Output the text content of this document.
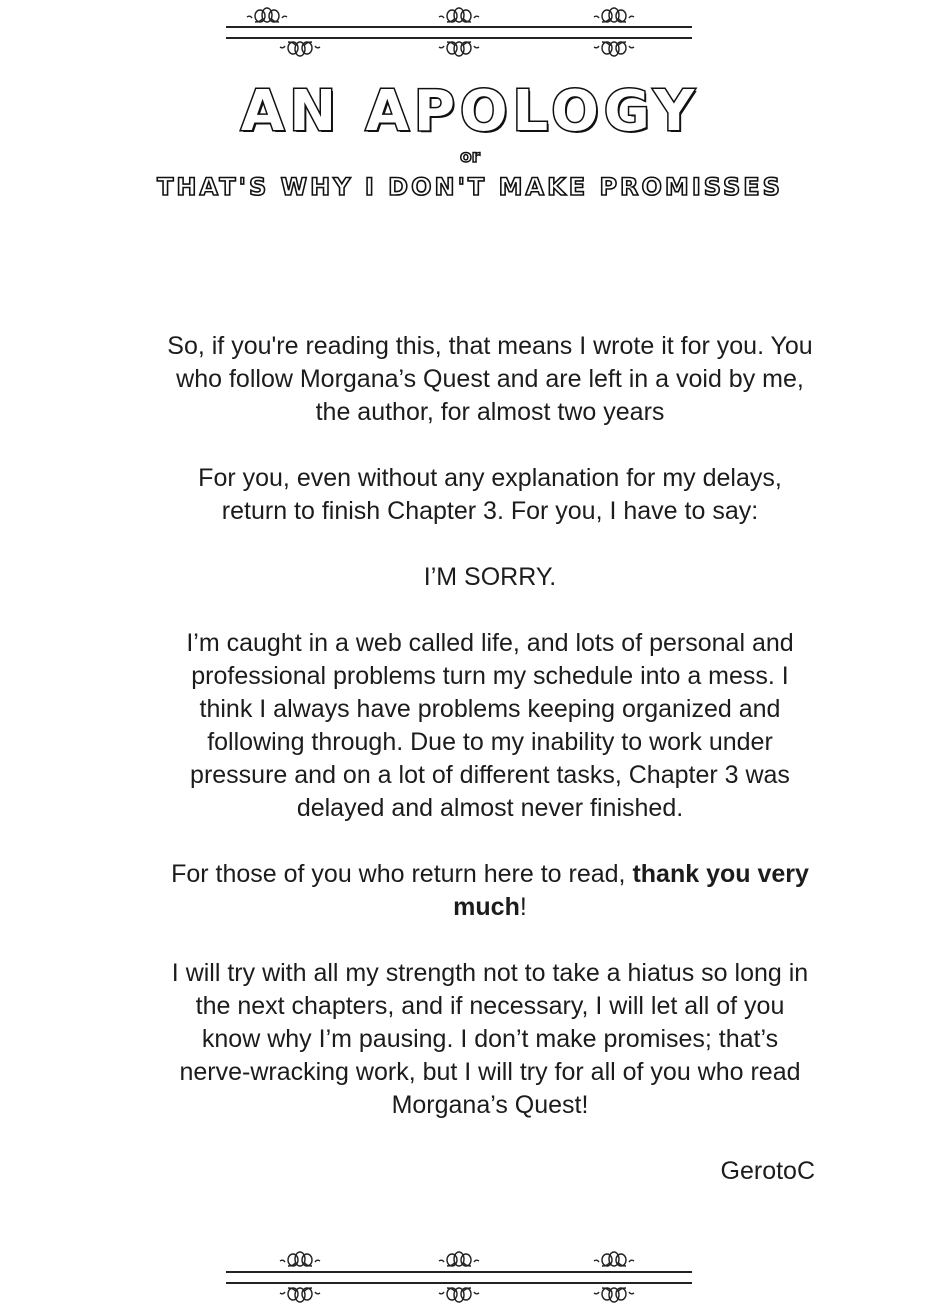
AN APOLOGY
or
THAT'S WHY I DON'T MAKE PROMISSES

So, if you're reading this, that means I wrote it for you. You who follow Morgana’s Quest and are left in a void by me, the author, for almost two years

For you, even without any explanation for my delays, return to finish Chapter 3. For you, I have to say:

I’M SORRY.

I’m caught in a web called life, and lots of personal and professional problems turn my schedule into a mess. I think I always have problems keeping organized and following through. Due to my inability to work under pressure and on a lot of different tasks, Chapter 3 was delayed and almost never finished.

For those of you who return here to read, thank you very much!

I will try with all my strength not to take a hiatus so long in the next chapters, and if necessary, I will let all of you know why I’m pausing. I don’t make promises; that’s nerve-wracking work, but I will try for all of you who read Morgana’s Quest!

GerotoC
